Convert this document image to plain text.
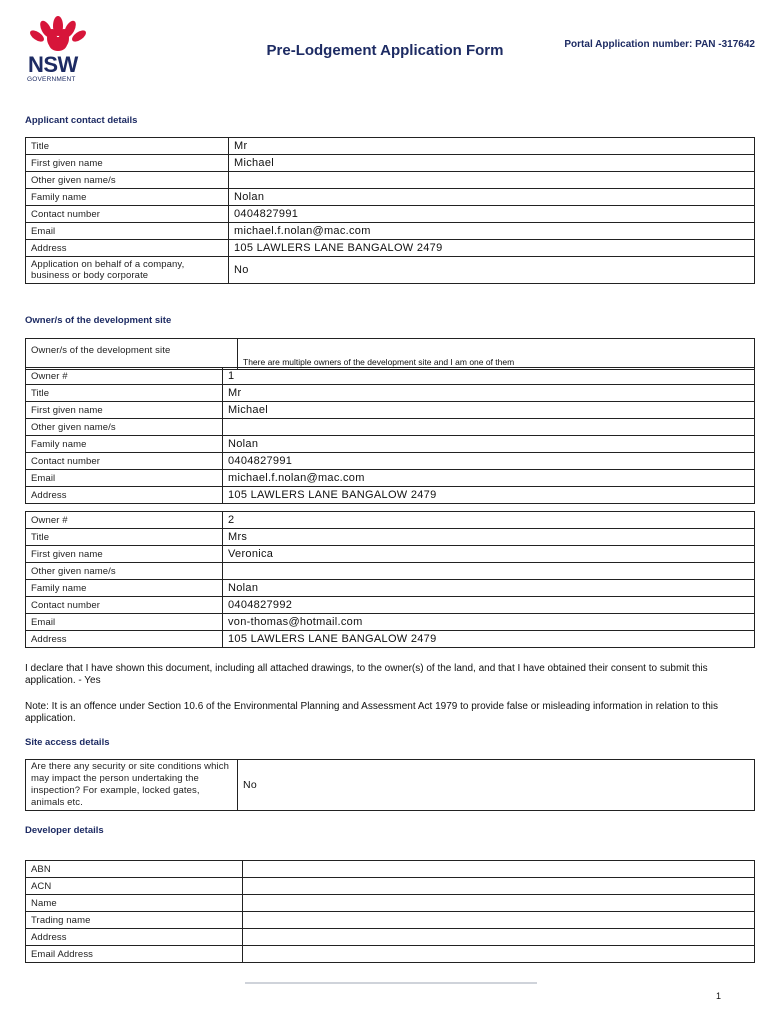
NSW
GOVERNMENT
Pre-Lodgement Application Form	Portal Application number: PAN -317642
Applicant contact details
Title	Mr
First given name	Michael
Other given name/s	
Family name	Nolan
Contact number	0404827991
Email	michael.f.nolan@mac.com
Address	105 LAWLERS LANE BANGALOW 2479
Application on behalf of a company, business or body corporate	No
Owner/s of the development site
Owner/s of the development site	There are multiple owners of the development site and I am one of them
Owner #	1
Title	Mr
First given name	Michael
Other given name/s	
Family name	Nolan
Contact number	0404827991
Email	michael.f.nolan@mac.com
Address	105 LAWLERS LANE BANGALOW 2479
Owner #	2
Title	Mrs
First given name	Veronica
Other given name/s	
Family name	Nolan
Contact number	0404827992
Email	von-thomas@hotmail.com
Address	105 LAWLERS LANE BANGALOW 2479
I declare that I have shown this document, including all attached drawings, to the owner(s) of the land, and that I have obtained their consent to submit this application. - Yes
Note: It is an offence under Section 10.6 of the Environmental Planning and Assessment Act 1979 to provide false or misleading information in relation to this application.
Site access details
Are there any security or site conditions which may impact the person undertaking the inspection? For example, locked gates, animals etc.	No
Developer details
ABN	
ACN	
Name	
Trading name	
Address	
Email Address	
1
